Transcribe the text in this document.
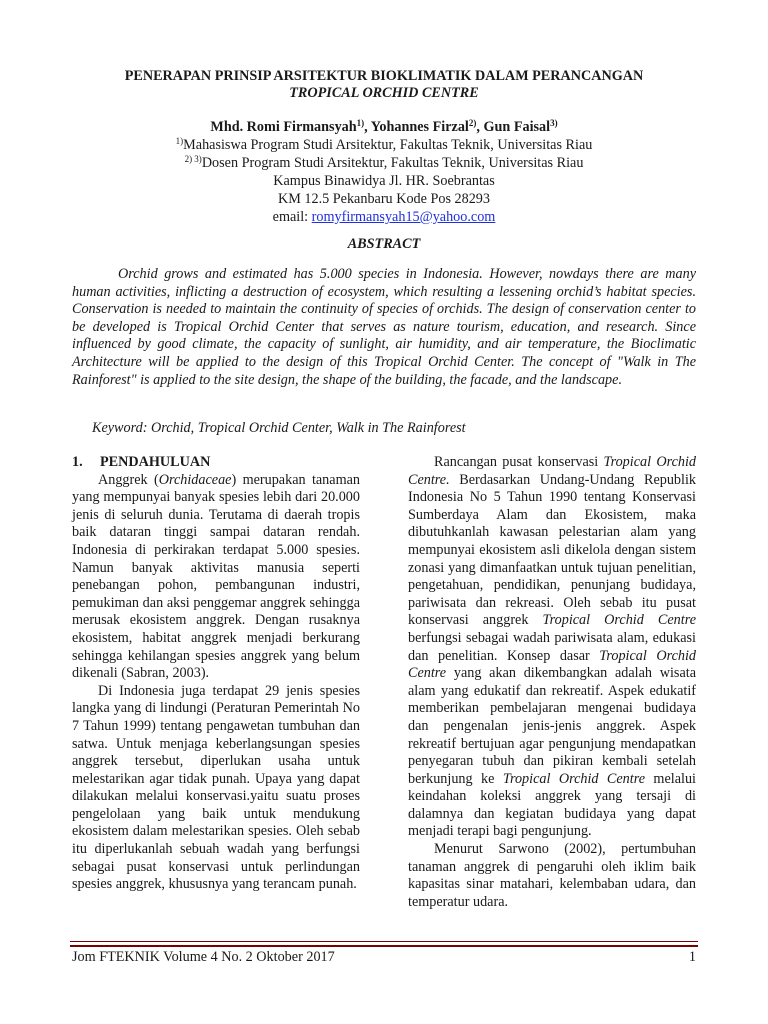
PENERAPAN PRINSIP ARSITEKTUR BIOKLIMATIK DALAM PERANCANGAN
TROPICAL ORCHID CENTRE
Mhd. Romi Firmansyah$^{1)}$, Yohannes Firzal$^{2)}$, Gun Faisal$^{3)}$
$^{1)}$Mahasiswa Program Studi Arsitektur, Fakultas Teknik, Universitas Riau
$^{2) 3)}$Dosen Program Studi Arsitektur, Fakultas Teknik, Universitas Riau
Kampus Binawidya Jl. HR. Soebrantas
KM 12.5 Pekanbaru Kode Pos 28293
email: romyfirmansyah15@yahoo.com
ABSTRACT
Orchid grows and estimated has 5.000 species in Indonesia. However, nowdays there are many human activities, inflicting a destruction of ecosystem, which resulting a lessening orchid’s habitat species. Conservation is needed to maintain the continuity of species of orchids. The design of conservation center to be developed is Tropical Orchid Center that serves as nature tourism, education, and research. Since influenced by good climate, the capacity of sunlight, air humidity, and air temperature, the Bioclimatic Architecture will be applied to the design of this Tropical Orchid Center. The concept of "Walk in The Rainforest" is applied to the site design, the shape of the building, the facade, and the landscape.
Keyword: Orchid, Tropical Orchid Center, Walk in The Rainforest

1. PENDAHULUAN

Anggrek (Orchidaceae) merupakan tanaman yang mempunyai banyak spesies lebih dari 20.000 jenis di seluruh dunia. Terutama di daerah tropis baik dataran tinggi sampai dataran rendah. Indonesia di perkirakan terdapat 5.000 spesies. Namun banyak aktivitas manusia seperti penebangan pohon, pembangunan industri, pemukiman dan aksi penggemar anggrek sehingga merusak ekosistem anggrek. Dengan rusaknya ekosistem, habitat anggrek menjadi berkurang sehingga kehilangan spesies anggrek yang belum dikenali (Sabran, 2003).

Di Indonesia juga terdapat 29 jenis spesies langka yang di lindungi (Peraturan Pemerintah No 7 Tahun 1999) tentang pengawetan tumbuhan dan satwa. Untuk menjaga keberlangsungan spesies anggrek tersebut, diperlukan usaha untuk melestarikan agar tidak punah. Upaya yang dapat dilakukan melalui konservasi.yaitu suatu proses pengelolaan yang baik untuk mendukung ekosistem dalam melestarikan spesies. Oleh sebab itu diperlukanlah sebuah wadah yang berfungsi sebagai pusat konservasi untuk perlindungan spesies anggrek, khususnya yang terancam punah.

Rancangan pusat konservasi Tropical Orchid Centre. Berdasarkan Undang-Undang Republik Indonesia No 5 Tahun 1990 tentang Konservasi Sumberdaya Alam dan Ekosistem, maka dibutuhkanlah kawasan pelestarian alam yang mempunyai ekosistem asli dikelola dengan sistem zonasi yang dimanfaatkan untuk tujuan penelitian, pengetahuan, pendidikan, penunjang budidaya, pariwisata dan rekreasi. Oleh sebab itu pusat konservasi anggrek Tropical Orchid Centre berfungsi sebagai wadah pariwisata alam, edukasi dan penelitian. Konsep dasar Tropical Orchid Centre yang akan dikembangkan adalah wisata alam yang edukatif dan rekreatif. Aspek edukatif memberikan pembelajaran mengenai budidaya dan pengenalan jenis-jenis anggrek. Aspek rekreatif bertujuan agar pengunjung mendapatkan penyegaran tubuh dan pikiran kembali setelah berkunjung ke Tropical Orchid Centre melalui keindahan koleksi anggrek yang tersaji di dalamnya dan kegiatan budidaya yang dapat menjadi terapi bagi pengunjung.

Menurut Sarwono (2002), pertumbuhan tanaman anggrek di pengaruhi oleh iklim baik kapasitas sinar matahari, kelembaban udara, dan temperatur udara.

Jom FTEKNIK Volume 4 No. 2 Oktober 2017	1
